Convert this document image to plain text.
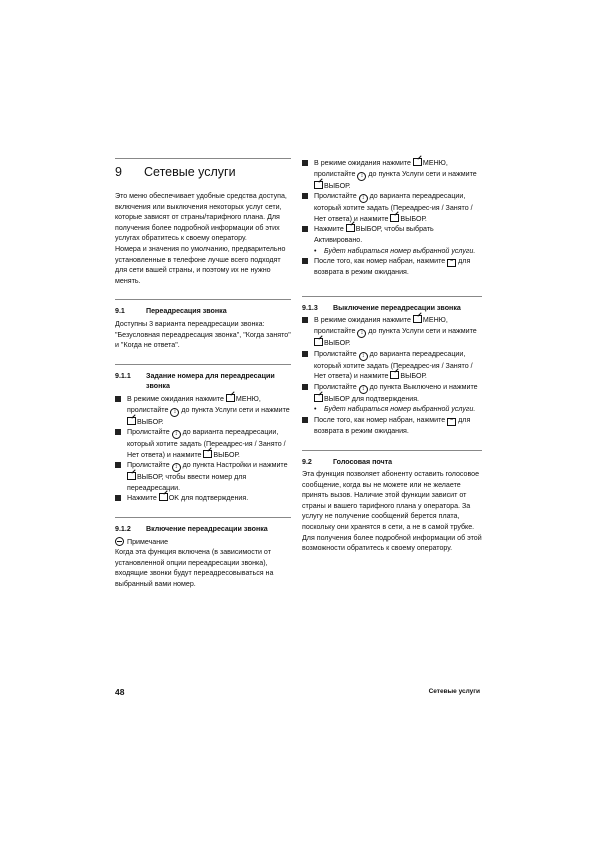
9 Сетевые услуги

Это меню обеспечивает удобные средства доступа, включения или выключения некоторых услуг сети, которые зависят от страны/тарифного плана. Для получения более подробной информации об этих услугах обратитесь к своему оператору.

Номера и значения по умолчанию, предварительно установленные в телефоне лучше всего подходят для сети вашей страны, и поэтому их не нужно менять.

9.1	Переадресация звонка

Доступны 3 варианта переадресации звонка: "Безусловная переадресация звонка", "Когда занято" и "Когда не ответа".

9.1.1 Задание номера для переадресации звонка
В режиме ожидания нажмите МЕНЮ, пролистайте ↕ до пункта Услуги сети и нажмите ВЫБОР.
Пролистайте ↕ до варианта переадресации, который хотите задать (Переадрес-ия / Занято /Нет ответа) и нажмите ВЫБОР.
Пролистайте ↕ до пункта Настройки и нажмите ВЫБОР, чтобы ввести номер для переадресации.
Нажмите OK для подтверждения.
9.1.2 Включение переадресации звонка
Примечание

Когда эта функция включена (в зависимости от установленной опции переадресации звонка), входящие звонки будут переадресовываться на выбранный вами номер.

В режиме ожидания нажмите МЕНЮ, пролистайте ↕ до пункта Услуги сети и нажмите ВЫБОР.
Пролистайте ↕ до варианта переадресации, который хотите задать (Переадрес-ия / Занято /Нет ответа) и нажмите ВЫБОР.
Нажмите ВЫБОР, чтобы выбрать Активировано.
• Будет набираться номер выбранной услуги.
После того, как номер набран, нажмите ⌃ для возврата в режим ожидания.
9.1.3 Выключение переадресации звонка
В режиме ожидания нажмите МЕНЮ, пролистайте ↕ до пункта Услуги сети и нажмите ВЫБОР.
Пролистайте ↕ до варианта переадресации, который хотите задать (Переадрес-ия / Занято /Нет ответа) и нажмите ВЫБОР.
Пролистайте ↕ до пункта Выключено и нажмите ВЫБОР для подтверждения.
• Будет набираться номер выбранной услуги.
После того, как номер набран, нажмите ⌃ для возврата в режим ожидания.
9.2	Голосовая почта

Эта функция позволяет абоненту оставить голосовое сообщение, когда вы не можете или не желаете принять вызов. Наличие этой функции зависит от страны и вашего тарифного плана у оператора. За услугу не получение сообщений берется плата, поскольку они хранятся в сети, а не в самой трубке. Для получения более подробной информации об этой возможности обратитесь к своему оператору.

48	Сетевые услуги
